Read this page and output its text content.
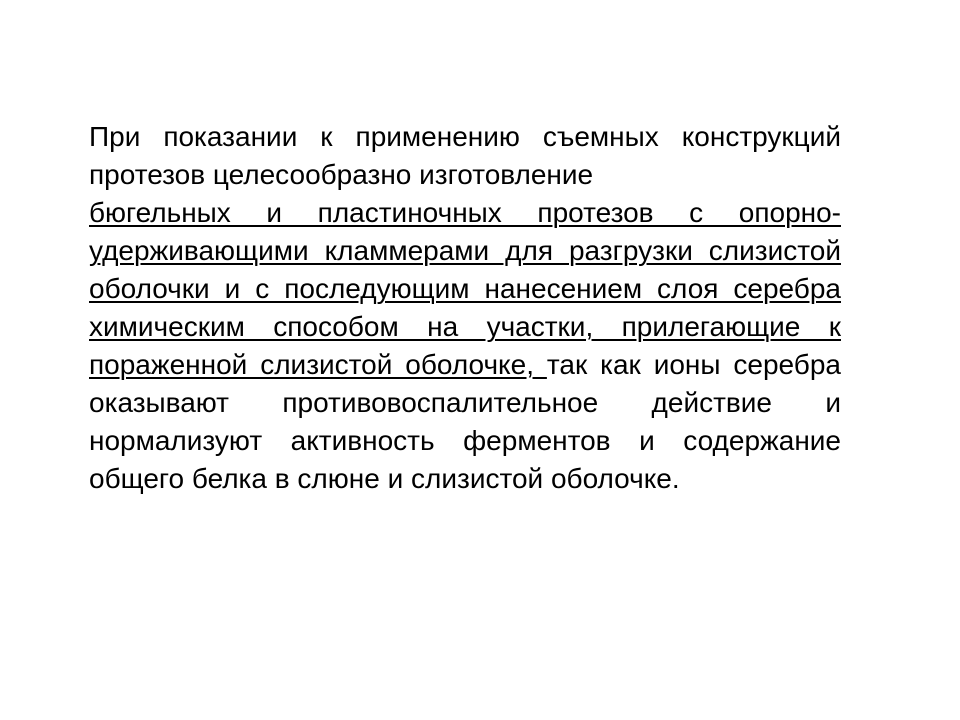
При показании к применению съемных конструкций протезов целесообразно изготовление

бюгельных и пластиночных протезов с опорно-удерживающими кламмерами для разгрузки слизистой оболочки и с последующим нанесением слоя серебра химическим способом на участки, прилегающие к пораженной слизистой оболочке, так как ионы серебра оказывают противовоспалительное действие и нормализуют активность ферментов и содержание общего белка в слюне и слизистой оболочке.
